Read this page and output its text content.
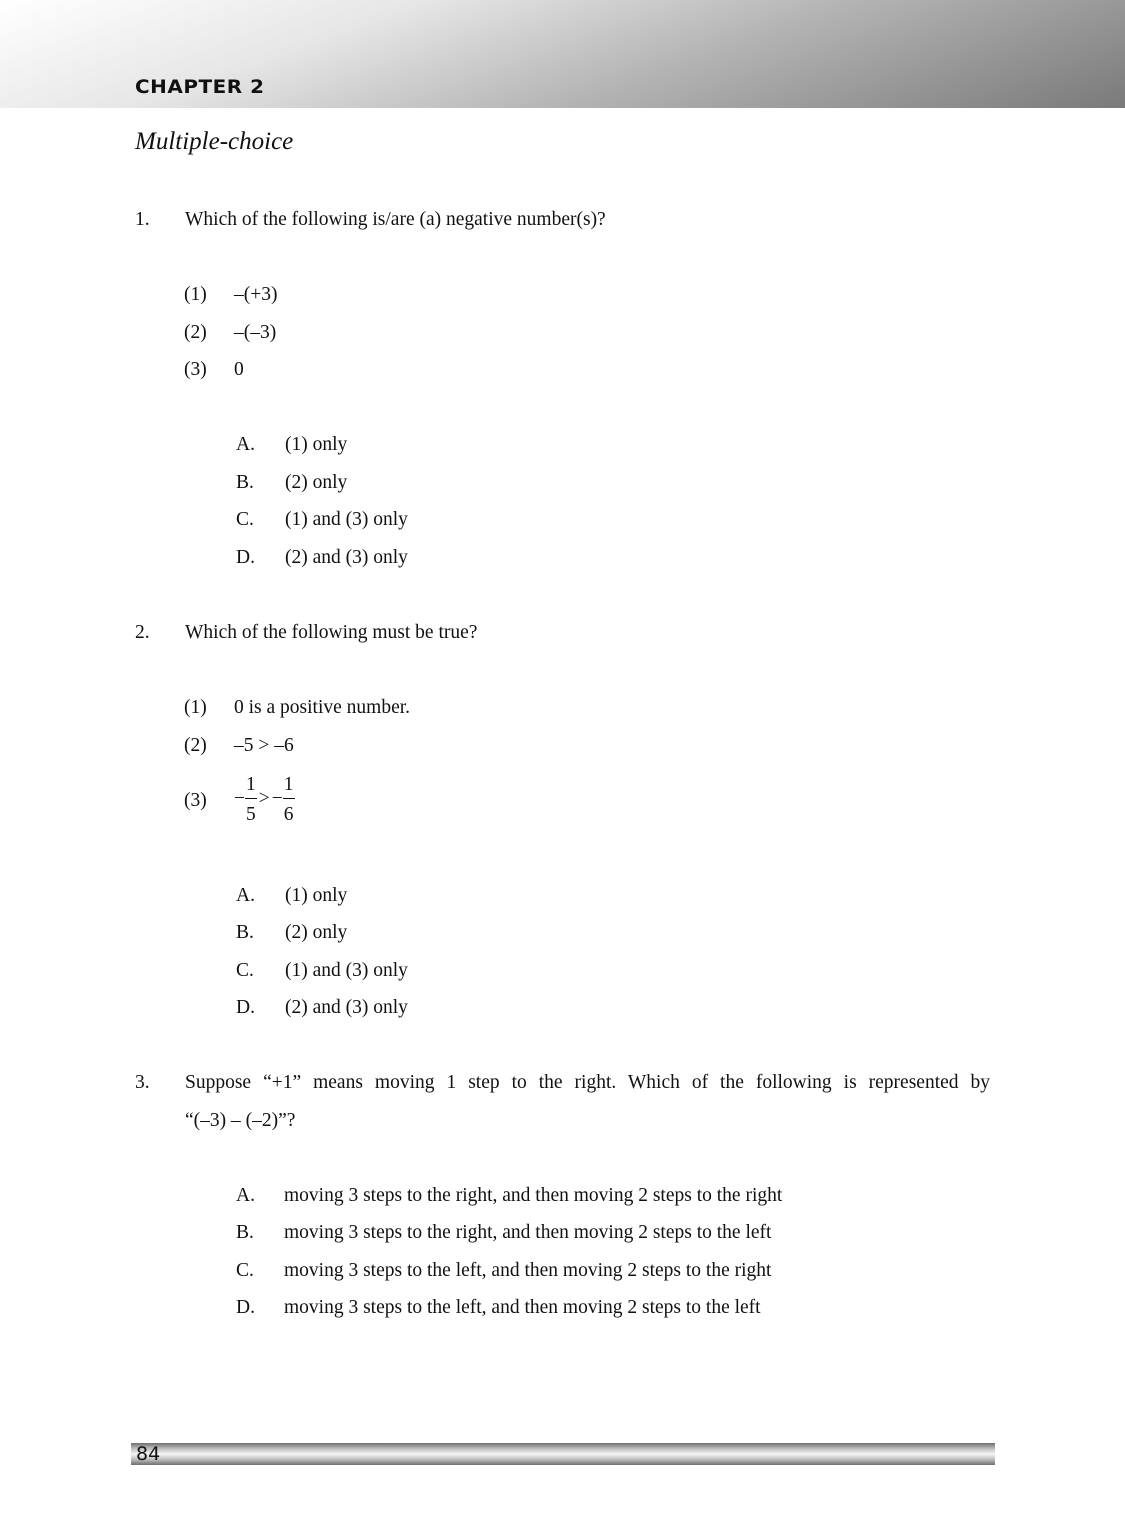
CHAPTER 2
Multiple-choice
1. Which of the following is/are (a) negative number(s)?
(1) –(+3)
(2) –(–3)
(3) 0
A. (1) only
B. (2) only
C. (1) and (3) only
D. (2) and (3) only
2. Which of the following must be true?
(1) 0 is a positive number.
(2) –5 > –6
$(3) - \frac{1}{5}$ > − $\frac{1}{6}$
A. (1) only
B. (2) only
C. (1) and (3) only
D. (2) and (3) only
3. Suppose “+1” means moving 1 step to the right. Which of the following is represented by
“(–3) – (–2)”?
A. moving 3 steps to the right, and then moving 2 steps to the right
B. moving 3 steps to the right, and then moving 2 steps to the left
C. moving 3 steps to the left, and then moving 2 steps to the right
D. moving 3 steps to the left, and then moving 2 steps to the left
84
